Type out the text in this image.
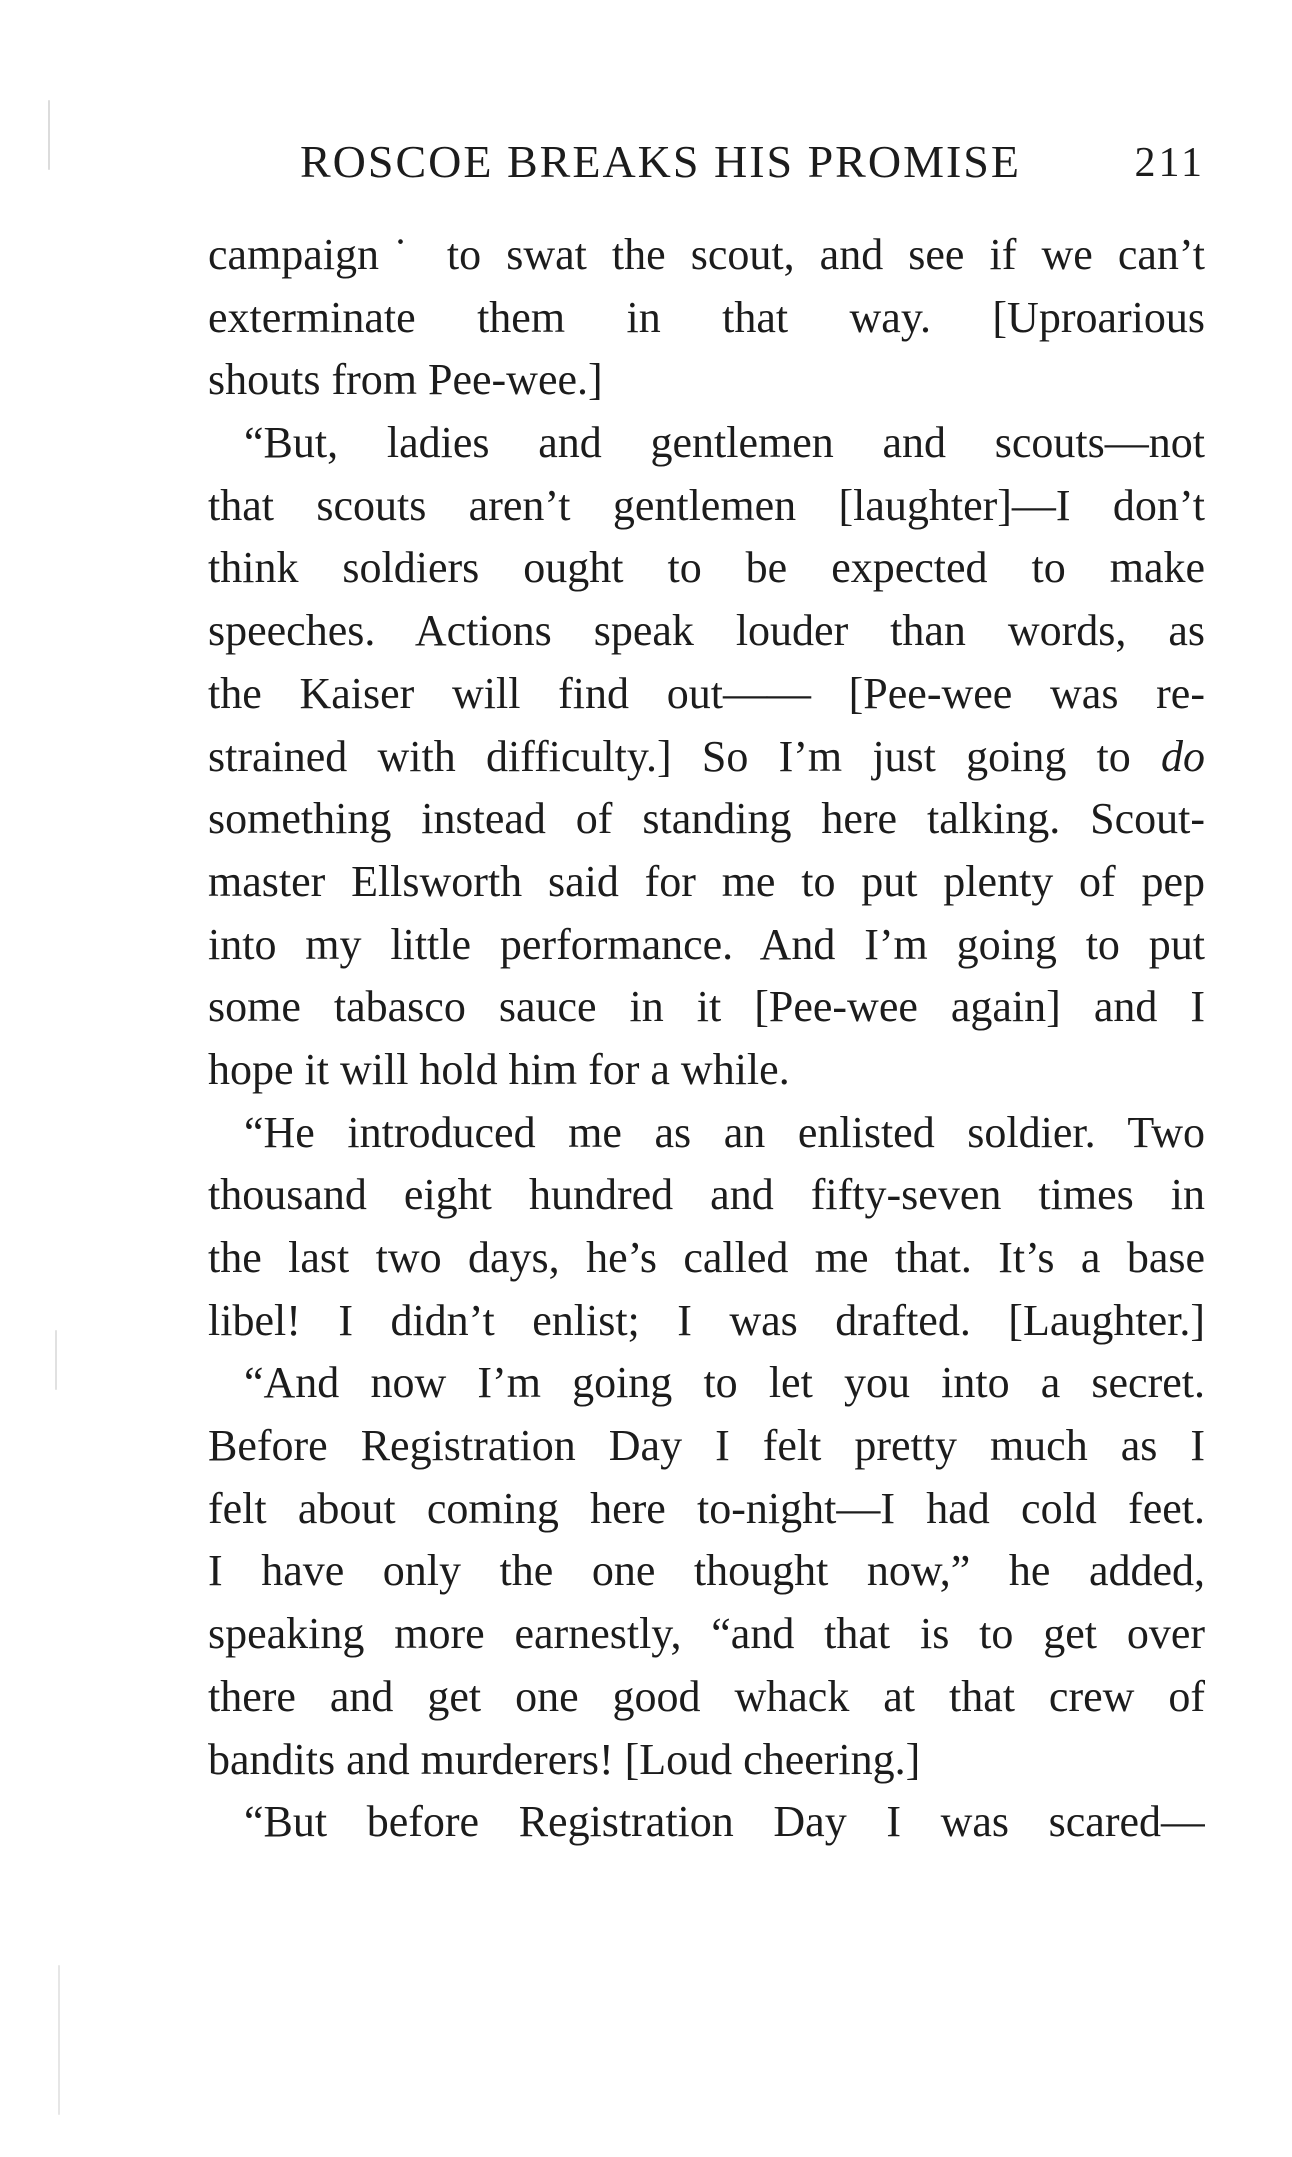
ROSCOE BREAKS HIS PROMISE	211
campaign˙ to swat the scout, and see if we can’t
exterminate them in that way. [Uproarious
shouts from Pee-wee.]
“But, ladies and gentlemen and scouts—not
that scouts aren’t gentlemen [laughter]—I don’t
think soldiers ought to be expected to make
speeches. Actions speak louder than words, as
the Kaiser will find out—— [Pee-wee was re-
strained with difficulty.] So I’m just going to do
something instead of standing here talking. Scout-
master Ellsworth said for me to put plenty of pep
into my little performance. And I’m going to put
some tabasco sauce in it [Pee-wee again] and I
hope it will hold him for a while.
“He introduced me as an enlisted soldier. Two
thousand eight hundred and fifty-seven times in
the last two days, he’s called me that. It’s a base
libel! I didn’t enlist; I was drafted. [Laughter.]
“And now I’m going to let you into a secret.
Before Registration Day I felt pretty much as I
felt about coming here to-night—I had cold feet.
I have only the one thought now,” he added,
speaking more earnestly, “and that is to get over
there and get one good whack at that crew of
bandits and murderers! [Loud cheering.]
“But before Registration Day I was scared—
